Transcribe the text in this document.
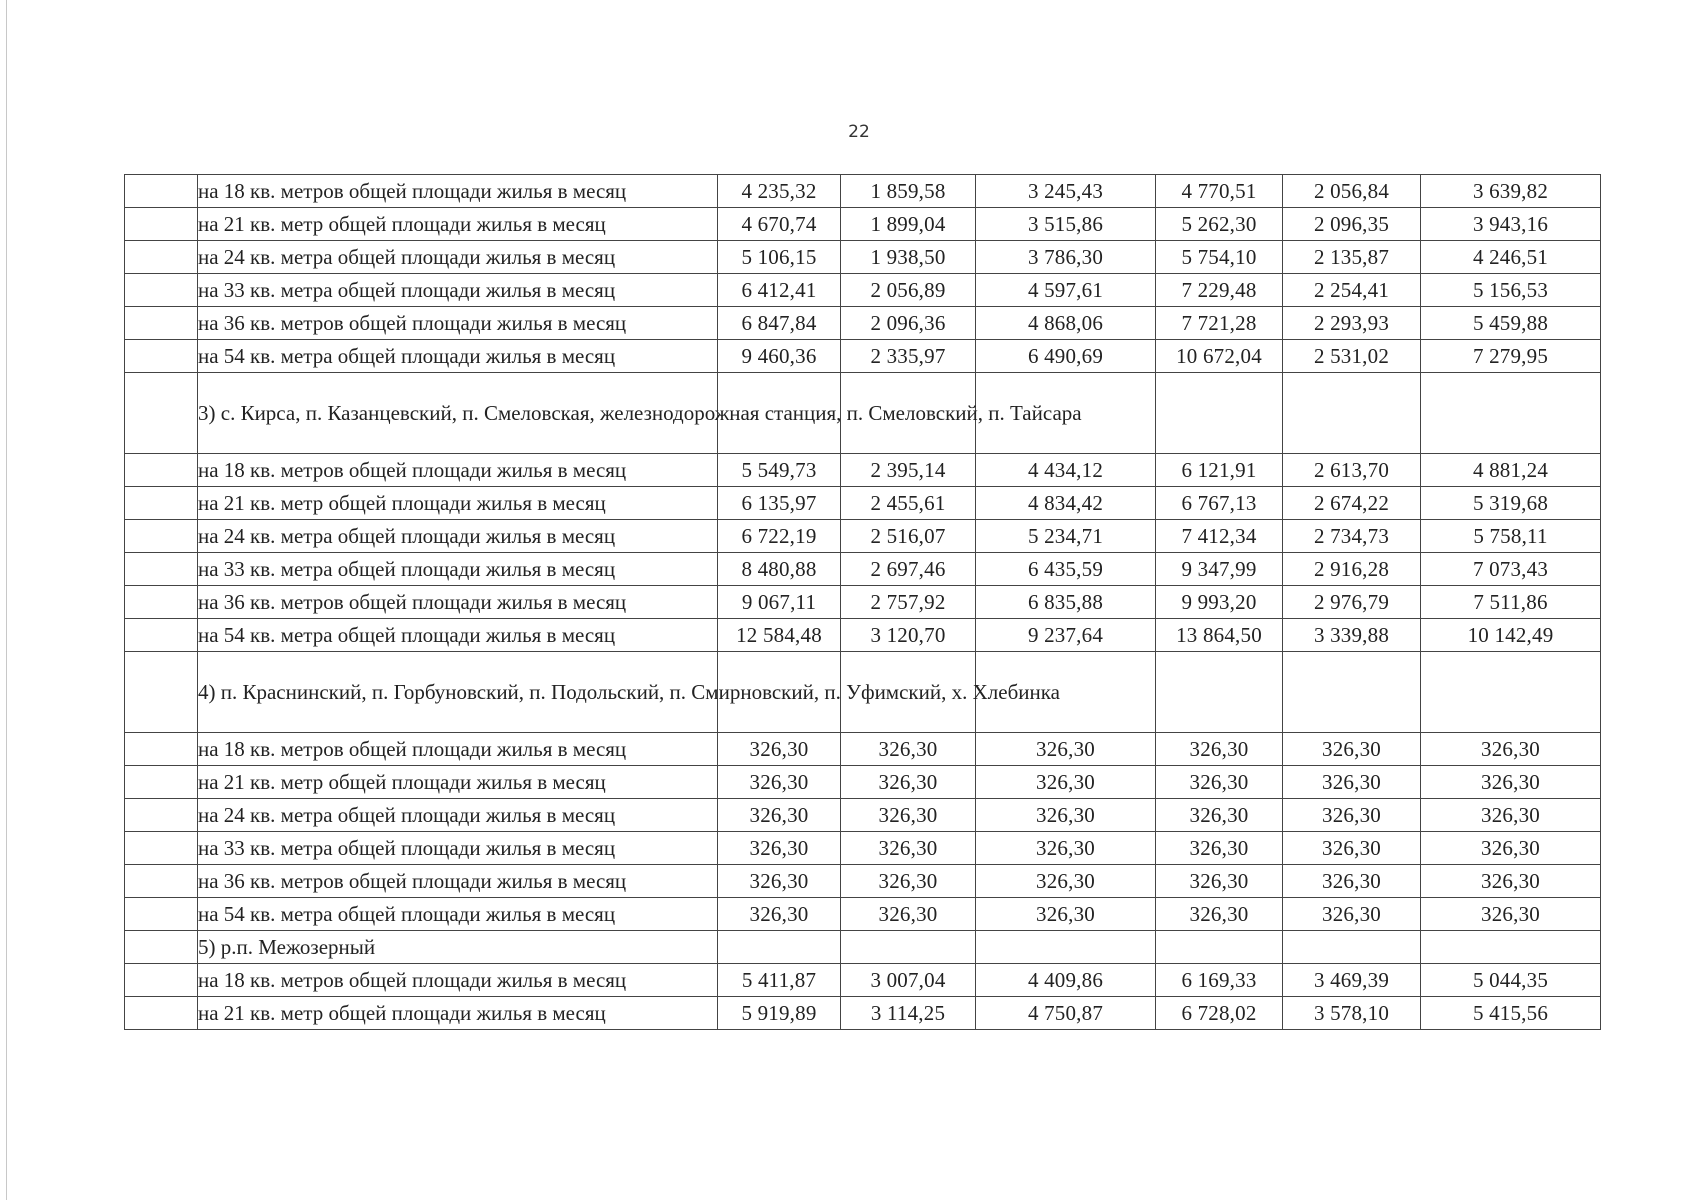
22
	на 18 кв. метров общей площади жилья в месяц	4 235,32	1 859,58	3 245,43	4 770,51	2 056,84	3 639,82
	на 21 кв. метр общей площади жилья в месяц	4 670,74	1 899,04	3 515,86	5 262,30	2 096,35	3 943,16
	на 24 кв. метра общей площади жилья в месяц	5 106,15	1 938,50	3 786,30	5 754,10	2 135,87	4 246,51
	на 33 кв. метра общей площади жилья в месяц	6 412,41	2 056,89	4 597,61	7 229,48	2 254,41	5 156,53
	на 36 кв. метров общей площади жилья в месяц	6 847,84	2 096,36	4 868,06	7 721,28	2 293,93	5 459,88
	на 54 кв. метра общей площади жилья в месяц	9 460,36	2 335,97	6 490,69	10 672,04	2 531,02	7 279,95
	3) с. Кирса, п. Казанцевский, п. Смеловская, железнодорожная станция, п. Смеловский, п. Тайсара						
	на 18 кв. метров общей площади жилья в месяц	5 549,73	2 395,14	4 434,12	6 121,91	2 613,70	4 881,24
	на 21 кв. метр общей площади жилья в месяц	6 135,97	2 455,61	4 834,42	6 767,13	2 674,22	5 319,68
	на 24 кв. метра общей площади жилья в месяц	6 722,19	2 516,07	5 234,71	7 412,34	2 734,73	5 758,11
	на 33 кв. метра общей площади жилья в месяц	8 480,88	2 697,46	6 435,59	9 347,99	2 916,28	7 073,43
	на 36 кв. метров общей площади жилья в месяц	9 067,11	2 757,92	6 835,88	9 993,20	2 976,79	7 511,86
	на 54 кв. метра общей площади жилья в месяц	12 584,48	3 120,70	9 237,64	13 864,50	3 339,88	10 142,49
	4) п. Краснинский, п. Горбуновский, п. Подольский, п. Смирновский, п. Уфимский, х. Хлебинка						
	на 18 кв. метров общей площади жилья в месяц	326,30	326,30	326,30	326,30	326,30	326,30
	на 21 кв. метр общей площади жилья в месяц	326,30	326,30	326,30	326,30	326,30	326,30
	на 24 кв. метра общей площади жилья в месяц	326,30	326,30	326,30	326,30	326,30	326,30
	на 33 кв. метра общей площади жилья в месяц	326,30	326,30	326,30	326,30	326,30	326,30
	на 36 кв. метров общей площади жилья в месяц	326,30	326,30	326,30	326,30	326,30	326,30
	на 54 кв. метра общей площади жилья в месяц	326,30	326,30	326,30	326,30	326,30	326,30
	5) р.п. Межозерный						
	на 18 кв. метров общей площади жилья в месяц	5 411,87	3 007,04	4 409,86	6 169,33	3 469,39	5 044,35
	на 21 кв. метр общей площади жилья в месяц	5 919,89	3 114,25	4 750,87	6 728,02	3 578,10	5 415,56
